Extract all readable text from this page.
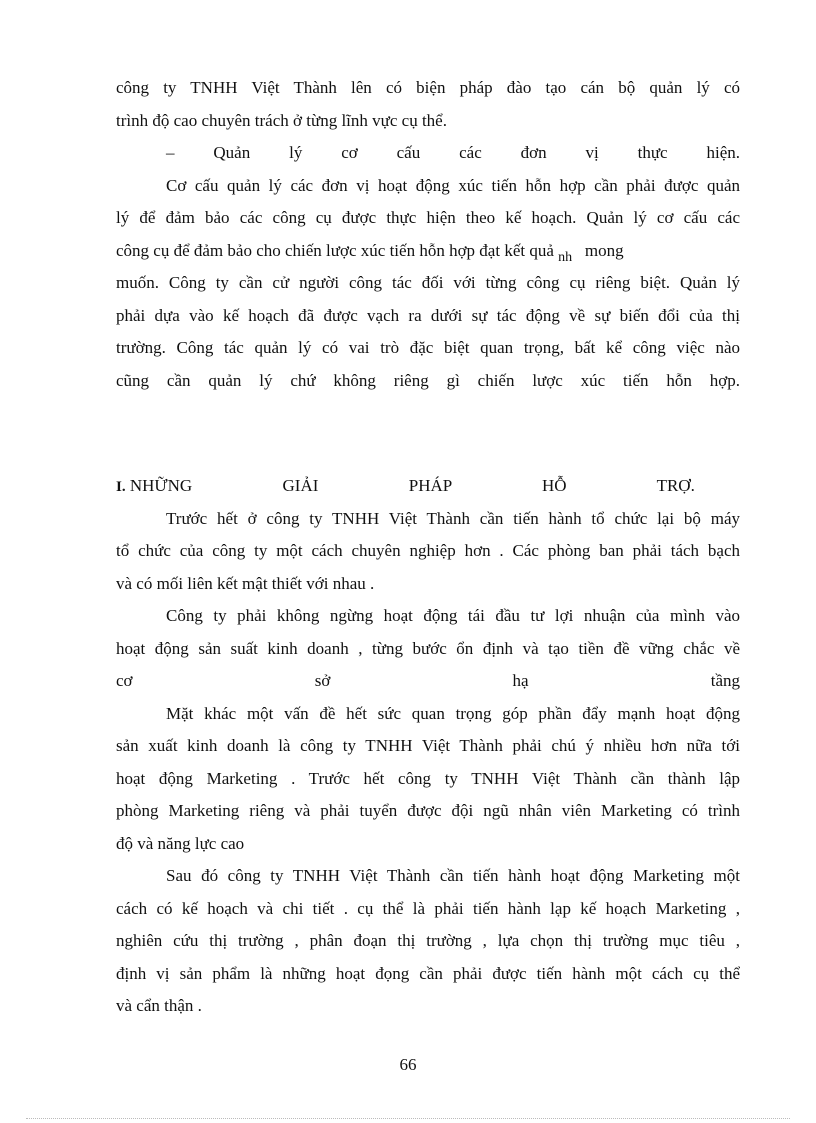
công ty TNHH Việt Thành lên có biện pháp đào tạo cán bộ quản lý có
trình độ cao chuyên trách ở từng lĩnh vực cụ thể.
– Quản lý cơ cấu các đơn vị thực hiện.
Cơ cấu quản lý các đơn vị hoạt động xúc tiến hỗn hợp cần phải được quản
lý để đảm bảo các công cụ được thực hiện theo kế hoạch. Quản lý cơ cấu các
công cụ để đảm bảo cho chiến lược xúc tiến hỗn hợp đạt kết quả $_{nh}$ mong
muốn. Công ty cần cử người công tác đối với từng công cụ riêng biệt. Quản lý
phải dựa vào kế hoạch đã được vạch ra dưới sự tác động về sự biến đổi của thị
trường. Công tác quản lý có vai trò đặc biệt quan trọng, bất kể công việc nào
cũng cần quản lý chứ không riêng gì chiến lược xúc tiến hỗn hợp.
I. NHỮNG GIẢI PHÁP HỖ TRỢ.
Trước hết ở công ty TNHH Việt Thành cần tiến hành tổ chức lại bộ máy
tổ chức của công ty một cách chuyên nghiệp hơn . Các phòng ban phải tách bạch
và có mối liên kết mật thiết với nhau .
Công ty phải không ngừng hoạt động tái đầu tư lợi nhuận của mình vào
hoạt động sản suất kinh doanh , từng bước ổn định và tạo tiền đề vững chắc về
cơ sở hạ tầng
Mặt khác một vấn đề hết sức quan trọng góp phần đẩy mạnh hoạt động
sản xuất kinh doanh là công ty TNHH Việt Thành phải chú ý nhiều hơn nữa tới
hoạt động Marketing . Trước hết công ty TNHH Việt Thành cần thành lập
phòng Marketing riêng và phải tuyển được đội ngũ nhân viên Marketing có trình
độ và năng lực cao
Sau đó công ty TNHH Việt Thành cần tiến hành hoạt động Marketing một
cách có kế hoạch và chi tiết . cụ thể là phải tiến hành lạp kế hoạch Marketing ,
nghiên cứu thị trường , phân đoạn thị trường , lựa chọn thị trường mục tiêu ,
định vị sản phẩm là những hoạt đọng cần phải được tiến hành một cách cụ thể
và cẩn thận .
66
